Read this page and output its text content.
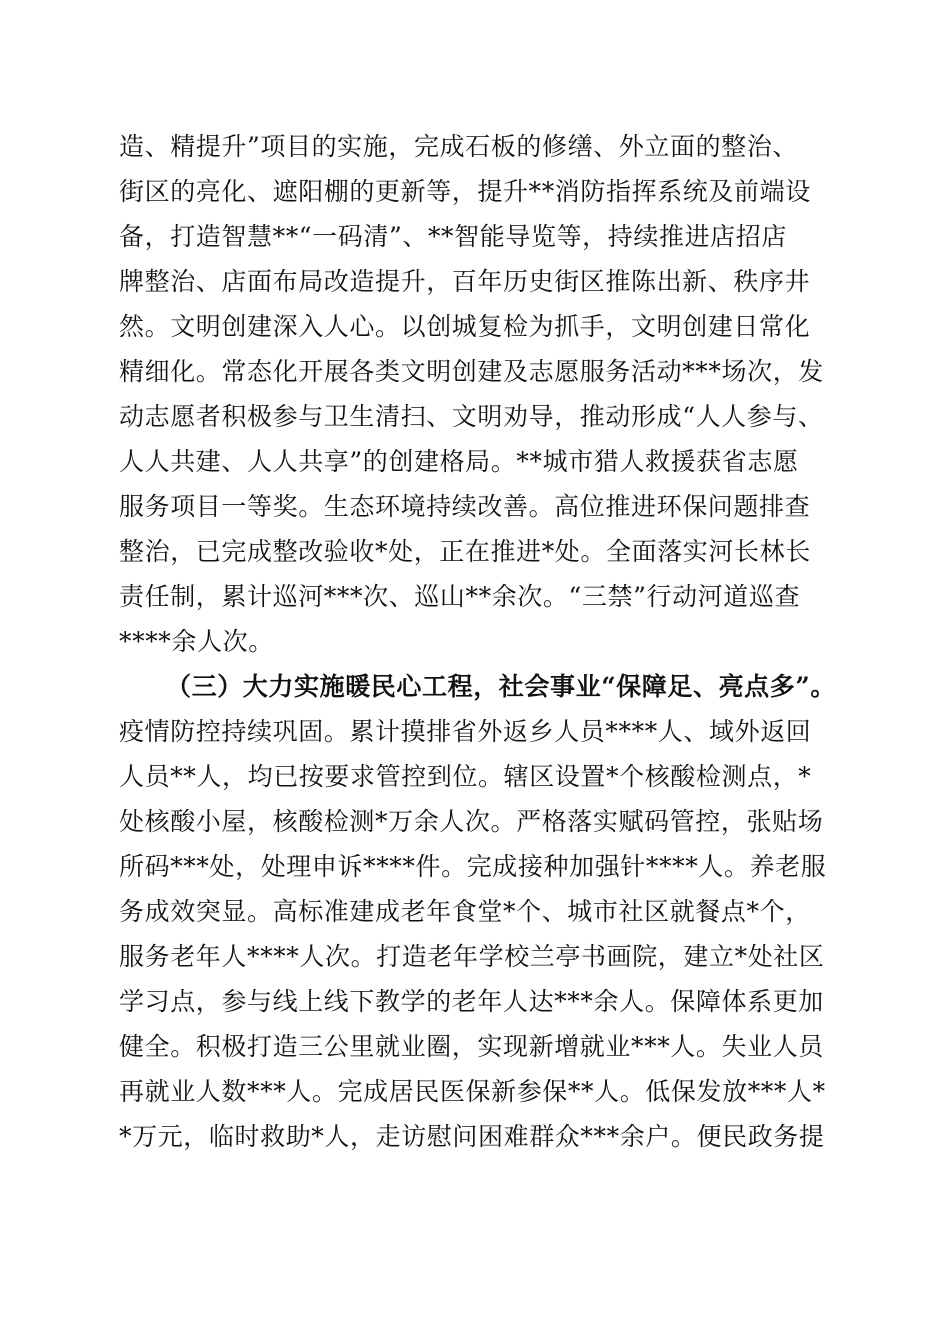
造、精提升”项目的实施，完成石板的修缮、外立面的整治、
街区的亮化、遮阳棚的更新等，提升**消防指挥系统及前端设
备，打造智慧**“一码清”、**智能导览等，持续推进店招店
牌整治、店面布局改造提升，百年历史街区推陈出新、秩序井
然。文明创建深入人心。以创城复检为抓手，文明创建日常化
精细化。常态化开展各类文明创建及志愿服务活动***场次，发
动志愿者积极参与卫生清扫、文明劝导，推动形成“人人参与、
人人共建、人人共享”的创建格局。**城市猎人救援获省志愿
服务项目一等奖。生态环境持续改善。高位推进环保问题排查
整治，已完成整改验收*处，正在推进*处。全面落实河长林长
责任制，累计巡河***次、巡山**余次。“三禁”行动河道巡查
****余人次。
（三）大力实施暖民心工程，社会事业“保障足、亮点多”。
疫情防控持续巩固。累计摸排省外返乡人员****人、域外返回
人员**人，均已按要求管控到位。辖区设置*个核酸检测点，*
处核酸小屋，核酸检测*万余人次。严格落实赋码管控，张贴场
所码***处，处理申诉****件。完成接种加强针****人。养老服
务成效突显。高标准建成老年食堂*个、城市社区就餐点*个，
服务老年人****人次。打造老年学校兰亭书画院，建立*处社区
学习点，参与线上线下教学的老年人达***余人。保障体系更加
健全。积极打造三公里就业圈，实现新增就业***人。失业人员
再就业人数***人。完成居民医保新参保**人。低保发放***人*
*万元，临时救助*人，走访慰问困难群众***余户。便民政务提
